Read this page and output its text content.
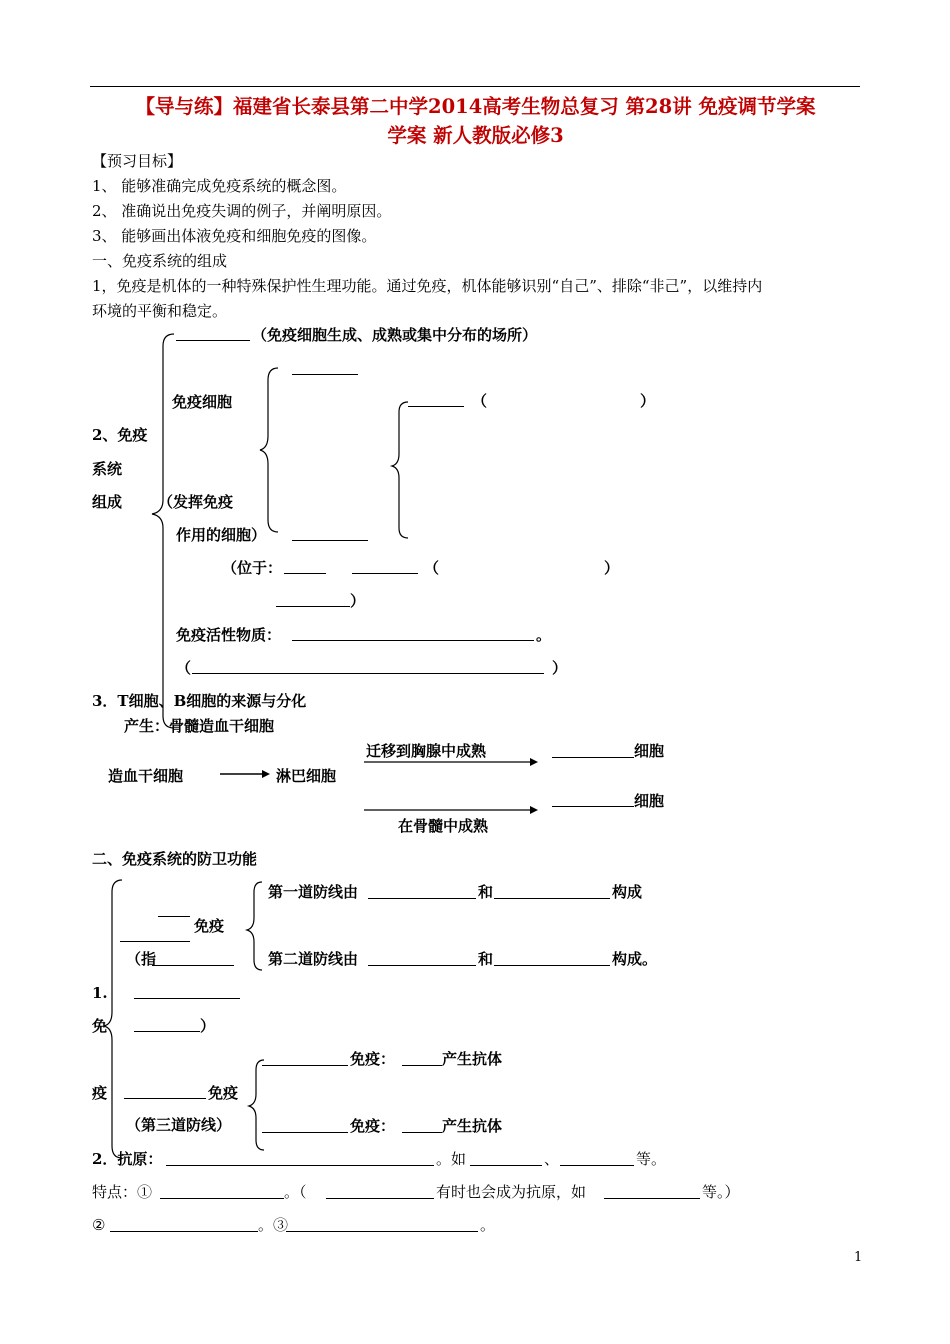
【导与练】福建省长泰县第二中学2014高考生物总复习 第28讲 免疫调节学案
学案 新人教版必修3
【预习目标】
1、 能够准确完成免疫系统的概念图。
2、 准确说出免疫失调的例子，并阐明原因。
3、 能够画出体液免疫和细胞免疫的图像。
一、免疫系统的组成
1，免疫是机体的一种特殊保护性生理功能。通过免疫，机体能够识别“自己”、排除“非己”，以维持内
环境的平衡和稳定。
（免疫细胞生成、成熟或集中分布的场所）
免疫细胞	（	）
2、免疫
系统
组成 （发挥免疫
作用的细胞）
（位于：	（	）
）
免疫活性物质：	。
（	）
3．T细胞、B细胞的来源与分化
产生：骨髓造血干细胞
迁移到胸腺中成熟	细胞
造血干细胞	淋巴细胞
细胞
在骨髓中成熟
二、免疫系统的防卫功能
第一道防线由	和	构成
免疫
（指	第二道防线由	和	构成。
1.
免	）
免疫：	产生抗体
疫	免疫
（第三道防线）	免疫：	产生抗体
2．抗原：	。如	、	等。
特点：①	。（	有时也会成为抗原，如	等。）
②	。③	。
1
